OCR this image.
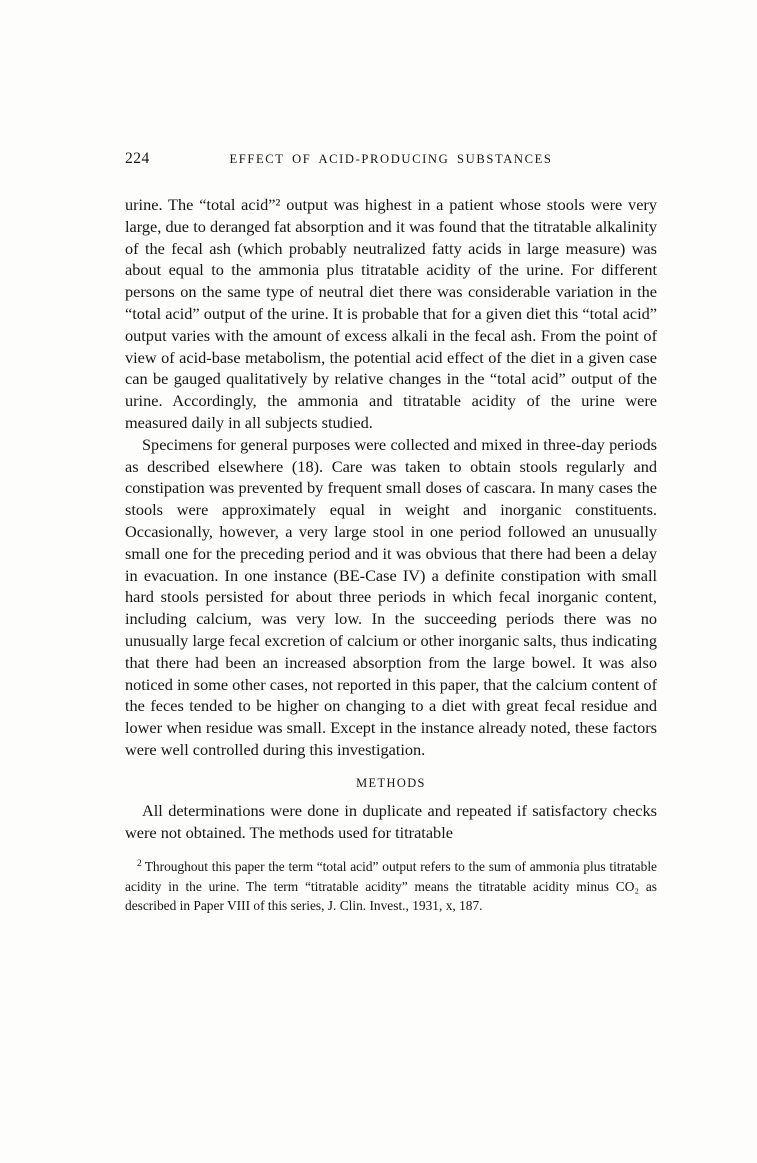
224	EFFECT OF ACID-PRODUCING SUBSTANCES

urine. The “total acid”² output was highest in a patient whose stools were very large, due to deranged fat absorption and it was found that the titratable alkalinity of the fecal ash (which probably neutralized fatty acids in large measure) was about equal to the ammonia plus titratable acidity of the urine. For different persons on the same type of neutral diet there was considerable variation in the “total acid” output of the urine. It is probable that for a given diet this “total acid” output varies with the amount of excess alkali in the fecal ash. From the point of view of acid-base metabolism, the potential acid effect of the diet in a given case can be gauged qualitatively by relative changes in the “total acid” output of the urine. Accordingly, the ammonia and titratable acidity of the urine were measured daily in all subjects studied.

Specimens for general purposes were collected and mixed in three-day periods as described elsewhere (18). Care was taken to obtain stools regularly and constipation was prevented by frequent small doses of cascara. In many cases the stools were approximately equal in weight and inorganic constituents. Occasionally, however, a very large stool in one period followed an unusually small one for the preceding period and it was obvious that there had been a delay in evacuation. In one instance (BE-Case IV) a definite constipation with small hard stools persisted for about three periods in which fecal inorganic content, including calcium, was very low. In the succeeding periods there was no unusually large fecal excretion of calcium or other inorganic salts, thus indicating that there had been an increased absorption from the large bowel. It was also noticed in some other cases, not reported in this paper, that the calcium content of the feces tended to be higher on changing to a diet with great fecal residue and lower when residue was small. Except in the instance already noted, these factors were well controlled during this investigation.

METHODS

All determinations were done in duplicate and repeated if satisfactory checks were not obtained. The methods used for titratable

$^2$ Throughout this paper the term “total acid” output refers to the sum of ammonia plus titratable acidity in the urine. The term “titratable acidity” means the titratable acidity minus CO₂ as described in Paper VIII of this series, J. Clin. Invest., 1931, x, 187.
